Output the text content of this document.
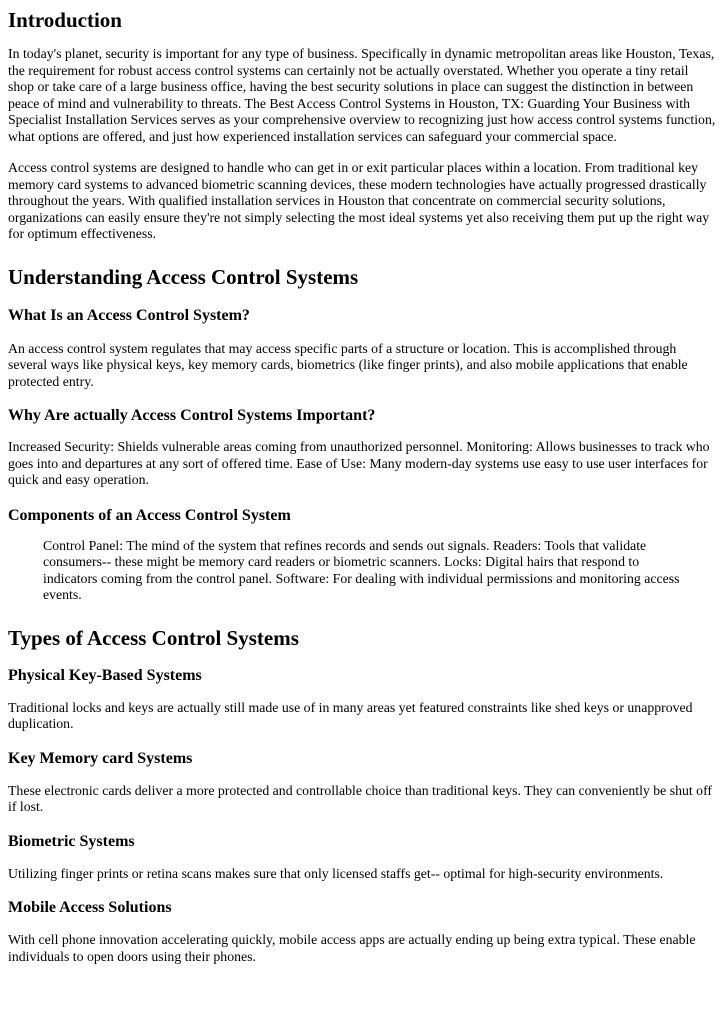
Introduction

In today's planet, security is important for any type of business. Specifically in dynamic metropolitan areas like Houston, Texas, the requirement for robust access control systems can certainly not be actually overstated. Whether you operate a tiny retail shop or take care of a large business office, having the best security solutions in place can suggest the distinction in between peace of mind and vulnerability to threats. The Best Access Control Systems in Houston, TX: Guarding Your Business with Specialist Installation Services serves as your comprehensive overview to recognizing just how access control systems function, what options are offered, and just how experienced installation services can safeguard your commercial space.

Access control systems are designed to handle who can get in or exit particular places within a location. From traditional key memory card systems to advanced biometric scanning devices, these modern technologies have actually progressed drastically throughout the years. With qualified installation services in Houston that concentrate on commercial security solutions, organizations can easily ensure they're not simply selecting the most ideal systems yet also receiving them put up the right way for optimum effectiveness.

Understanding Access Control Systems
What Is an Access Control System?

An access control system regulates that may access specific parts of a structure or location. This is accomplished through several ways like physical keys, key memory cards, biometrics (like finger prints), and also mobile applications that enable protected entry.

Why Are actually Access Control Systems Important?

Increased Security: Shields vulnerable areas coming from unauthorized personnel. Monitoring: Allows businesses to track who goes into and departures at any sort of offered time. Ease of Use: Many modern-day systems use easy to use user interfaces for quick and easy operation.

Components of an Access Control System

Control Panel: The mind of the system that refines records and sends out signals. Readers: Tools that validate consumers-- these might be memory card readers or biometric scanners. Locks: Digital hairs that respond to indicators coming from the control panel. Software: For dealing with individual permissions and monitoring access events.

Types of Access Control Systems
Physical Key-Based Systems

Traditional locks and keys are actually still made use of in many areas yet featured constraints like shed keys or unapproved duplication.

Key Memory card Systems

These electronic cards deliver a more protected and controllable choice than traditional keys. They can conveniently be shut off if lost.

Biometric Systems

Utilizing finger prints or retina scans makes sure that only licensed staffs get-- optimal for high-security environments.

Mobile Access Solutions

With cell phone innovation accelerating quickly, mobile access apps are actually ending up being extra typical. These enable individuals to open doors using their phones.
